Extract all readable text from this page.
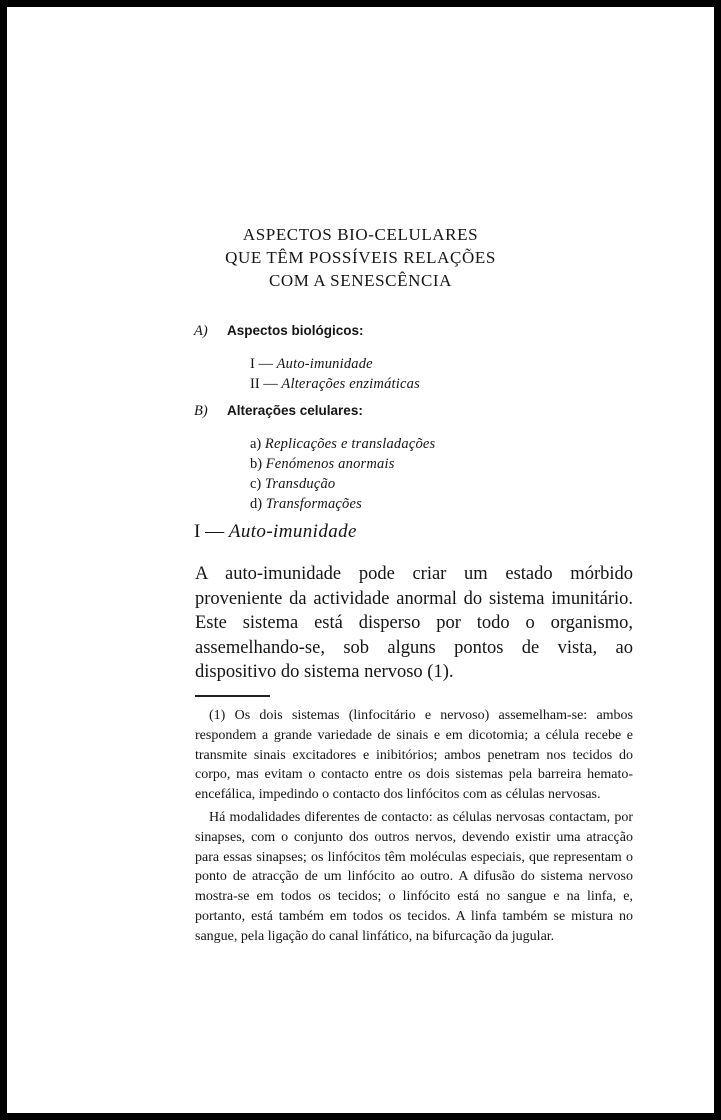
ASPECTOS BIO-CELULARES
QUE TÊM POSSÍVEIS RELAÇÕES
COM A SENESCÊNCIA
A) Aspectos biológicos:
I — Auto-imunidade
II — Alterações enzimáticas
B) Alterações celulares:
a) Replicações e transladações
b) Fenómenos anormais
c) Transdução
d) Transformações
I — Auto-imunidade

A auto-imunidade pode criar um estado mórbido proveniente da actividade anormal do sistema imunitário. Este sistema está disperso por todo o organismo, assemelhando-se, sob alguns pontos de vista, ao dispositivo do sistema nervoso (1).

(1) Os dois sistemas (linfocitário e nervoso) assemelham-se: ambos respondem a grande variedade de sinais e em dicotomia; a célula recebe e transmite sinais excitadores e inibitórios; ambos penetram nos tecidos do corpo, mas evitam o contacto entre os dois sistemas pela barreira hemato-encefálica, impedindo o contacto dos linfócitos com as células nervosas.

Há modalidades diferentes de contacto: as células nervosas contactam, por sinapses, com o conjunto dos outros nervos, devendo existir uma atracção para essas sinapses; os linfócitos têm moléculas especiais, que representam o ponto de atracção de um linfócito ao outro. A difusão do sistema nervoso mostra-se em todos os tecidos; o linfócito está no sangue e na linfa, e, portanto, está também em todos os tecidos. A linfa também se mistura no sangue, pela ligação do canal linfático, na bifurcação da jugular.
